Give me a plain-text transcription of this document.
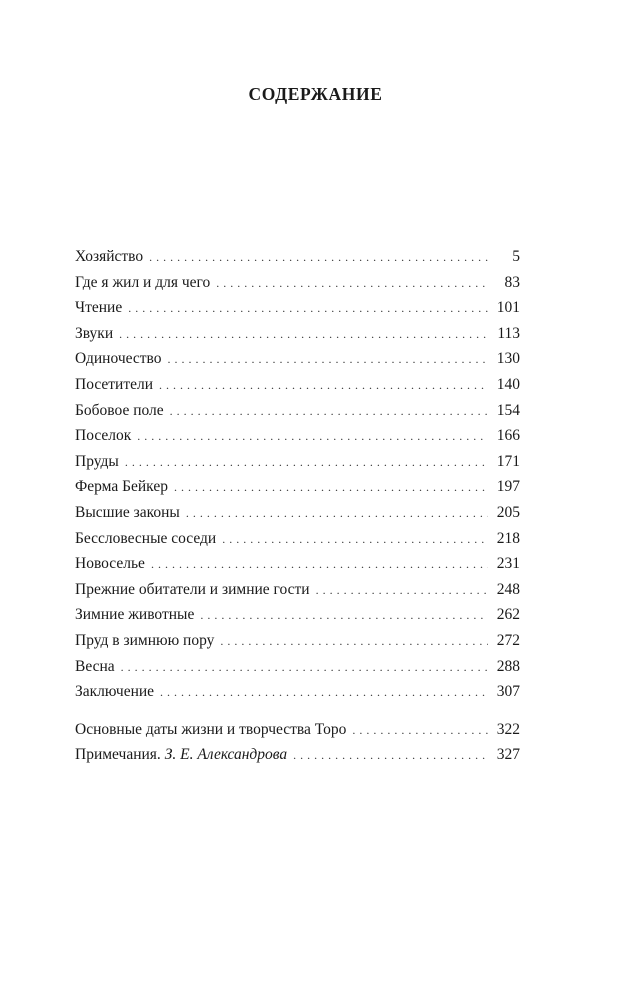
СОДЕРЖАНИЕ
Хозяйство . . .	5
Где я жил и для чего . . .	83
Чтение . . .	101
Звуки . . .	113
Одиночество . . .	130
Посетители . . .	140
Бобовое поле . . .	154
Поселок . . .	166
Пруды . . .	171
Ферма Бейкер . . .	197
Высшие законы . . .	205
Бессловесные соседи . . .	218
Новоселье . . .	231
Прежние обитатели и зимние гости . . .	248
Зимние животные . . .	262
Пруд в зимнюю пору . . .	272
Весна . . .	288
Заключение . . .	307
Основные даты жизни и творчества Торо . . .	322
Примечания. З. Е. Александрова . . .	327
